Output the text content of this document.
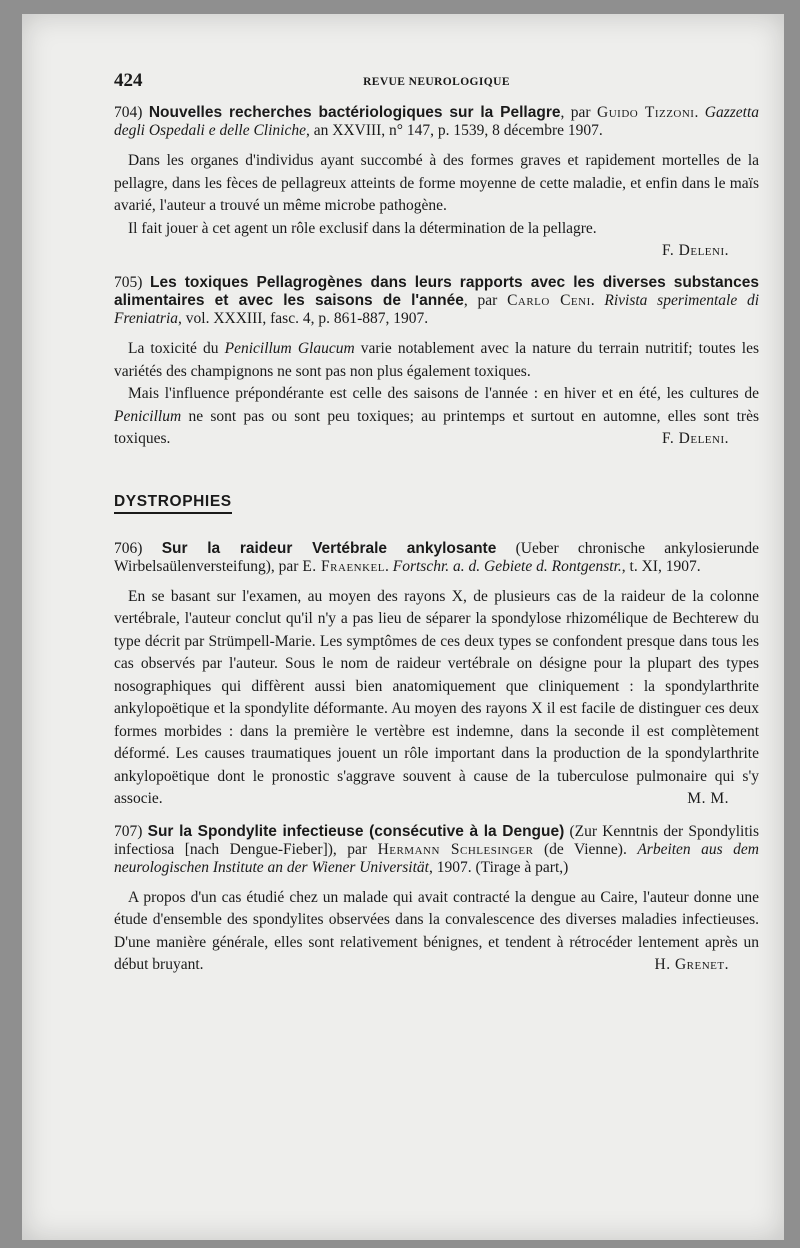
424	REVUE NEUROLOGIQUE
704) Nouvelles recherches bactériologiques sur la Pellagre, par Guido Tizzoni. Gazzetta degli Ospedali e delle Cliniche, an XXVIII, n° 147, p. 1539, 8 décembre 1907.

Dans les organes d'individus ayant succombé à des formes graves et rapidement mortelles de la pellagre, dans les fèces de pellagreux atteints de forme moyenne de cette maladie, et enfin dans le maïs avarié, l'auteur a trouvé un même microbe pathogène.

Il fait jouer à cet agent un rôle exclusif dans la détermination de la pellagre.

F. Deleni.
705) Les toxiques Pellagrogènes dans leurs rapports avec les diverses substances alimentaires et avec les saisons de l'année, par Carlo Ceni. Rivista sperimentale di Freniatria, vol. XXXIII, fasc. 4, p. 861-887, 1907.

La toxicité du Penicillum Glaucum varie notablement avec la nature du terrain nutritif; toutes les variétés des champignons ne sont pas non plus également toxiques.

Mais l'influence prépondérante est celle des saisons de l'année : en hiver et en été, les cultures de Penicillum ne sont pas ou sont peu toxiques; au printemps et surtout en automne, elles sont très toxiques.	F. Deleni.

DYSTROPHIES
706) Sur la raideur Vertébrale ankylosante (Ueber chronische ankylosierunde Wirbelsaülenversteifung), par E. Fraenkel. Fortschr. a. d. Gebiete d. Rontgenstr., t. XI, 1907.

En se basant sur l'examen, au moyen des rayons X, de plusieurs cas de la raideur de la colonne vertébrale, l'auteur conclut qu'il n'y a pas lieu de séparer la spondylose rhizomélique de Bechterew du type décrit par Strümpell-Marie. Les symptômes de ces deux types se confondent presque dans tous les cas observés par l'auteur. Sous le nom de raideur vertébrale on désigne pour la plupart des types nosographiques qui diffèrent aussi bien anatomiquement que cliniquement : la spondylarthrite ankylopoëtique et la spondylite déformante. Au moyen des rayons X il est facile de distinguer ces deux formes morbides : dans la première le vertèbre est indemne, dans la seconde il est complètement déformé. Les causes traumatiques jouent un rôle important dans la production de la spondylarthrite ankylopoëtique dont le pronostic s'aggrave souvent à cause de la tuberculose pulmonaire qui s'y associe.	M. M.

707) Sur la Spondylite infectieuse (consécutive à la Dengue) (Zur Kenntnis der Spondylitis infectiosa [nach Dengue-Fieber]), par Hermann Schlesinger (de Vienne). Arbeiten aus dem neurologischen Institute an der Wiener Universität, 1907. (Tirage à part,)

A propos d'un cas étudié chez un malade qui avait contracté la dengue au Caire, l'auteur donne une étude d'ensemble des spondylites observées dans la convalescence des diverses maladies infectieuses. D'une manière générale, elles sont relativement bénignes, et tendent à rétrocéder lentement après un début bruyant.	H. Grenet.
